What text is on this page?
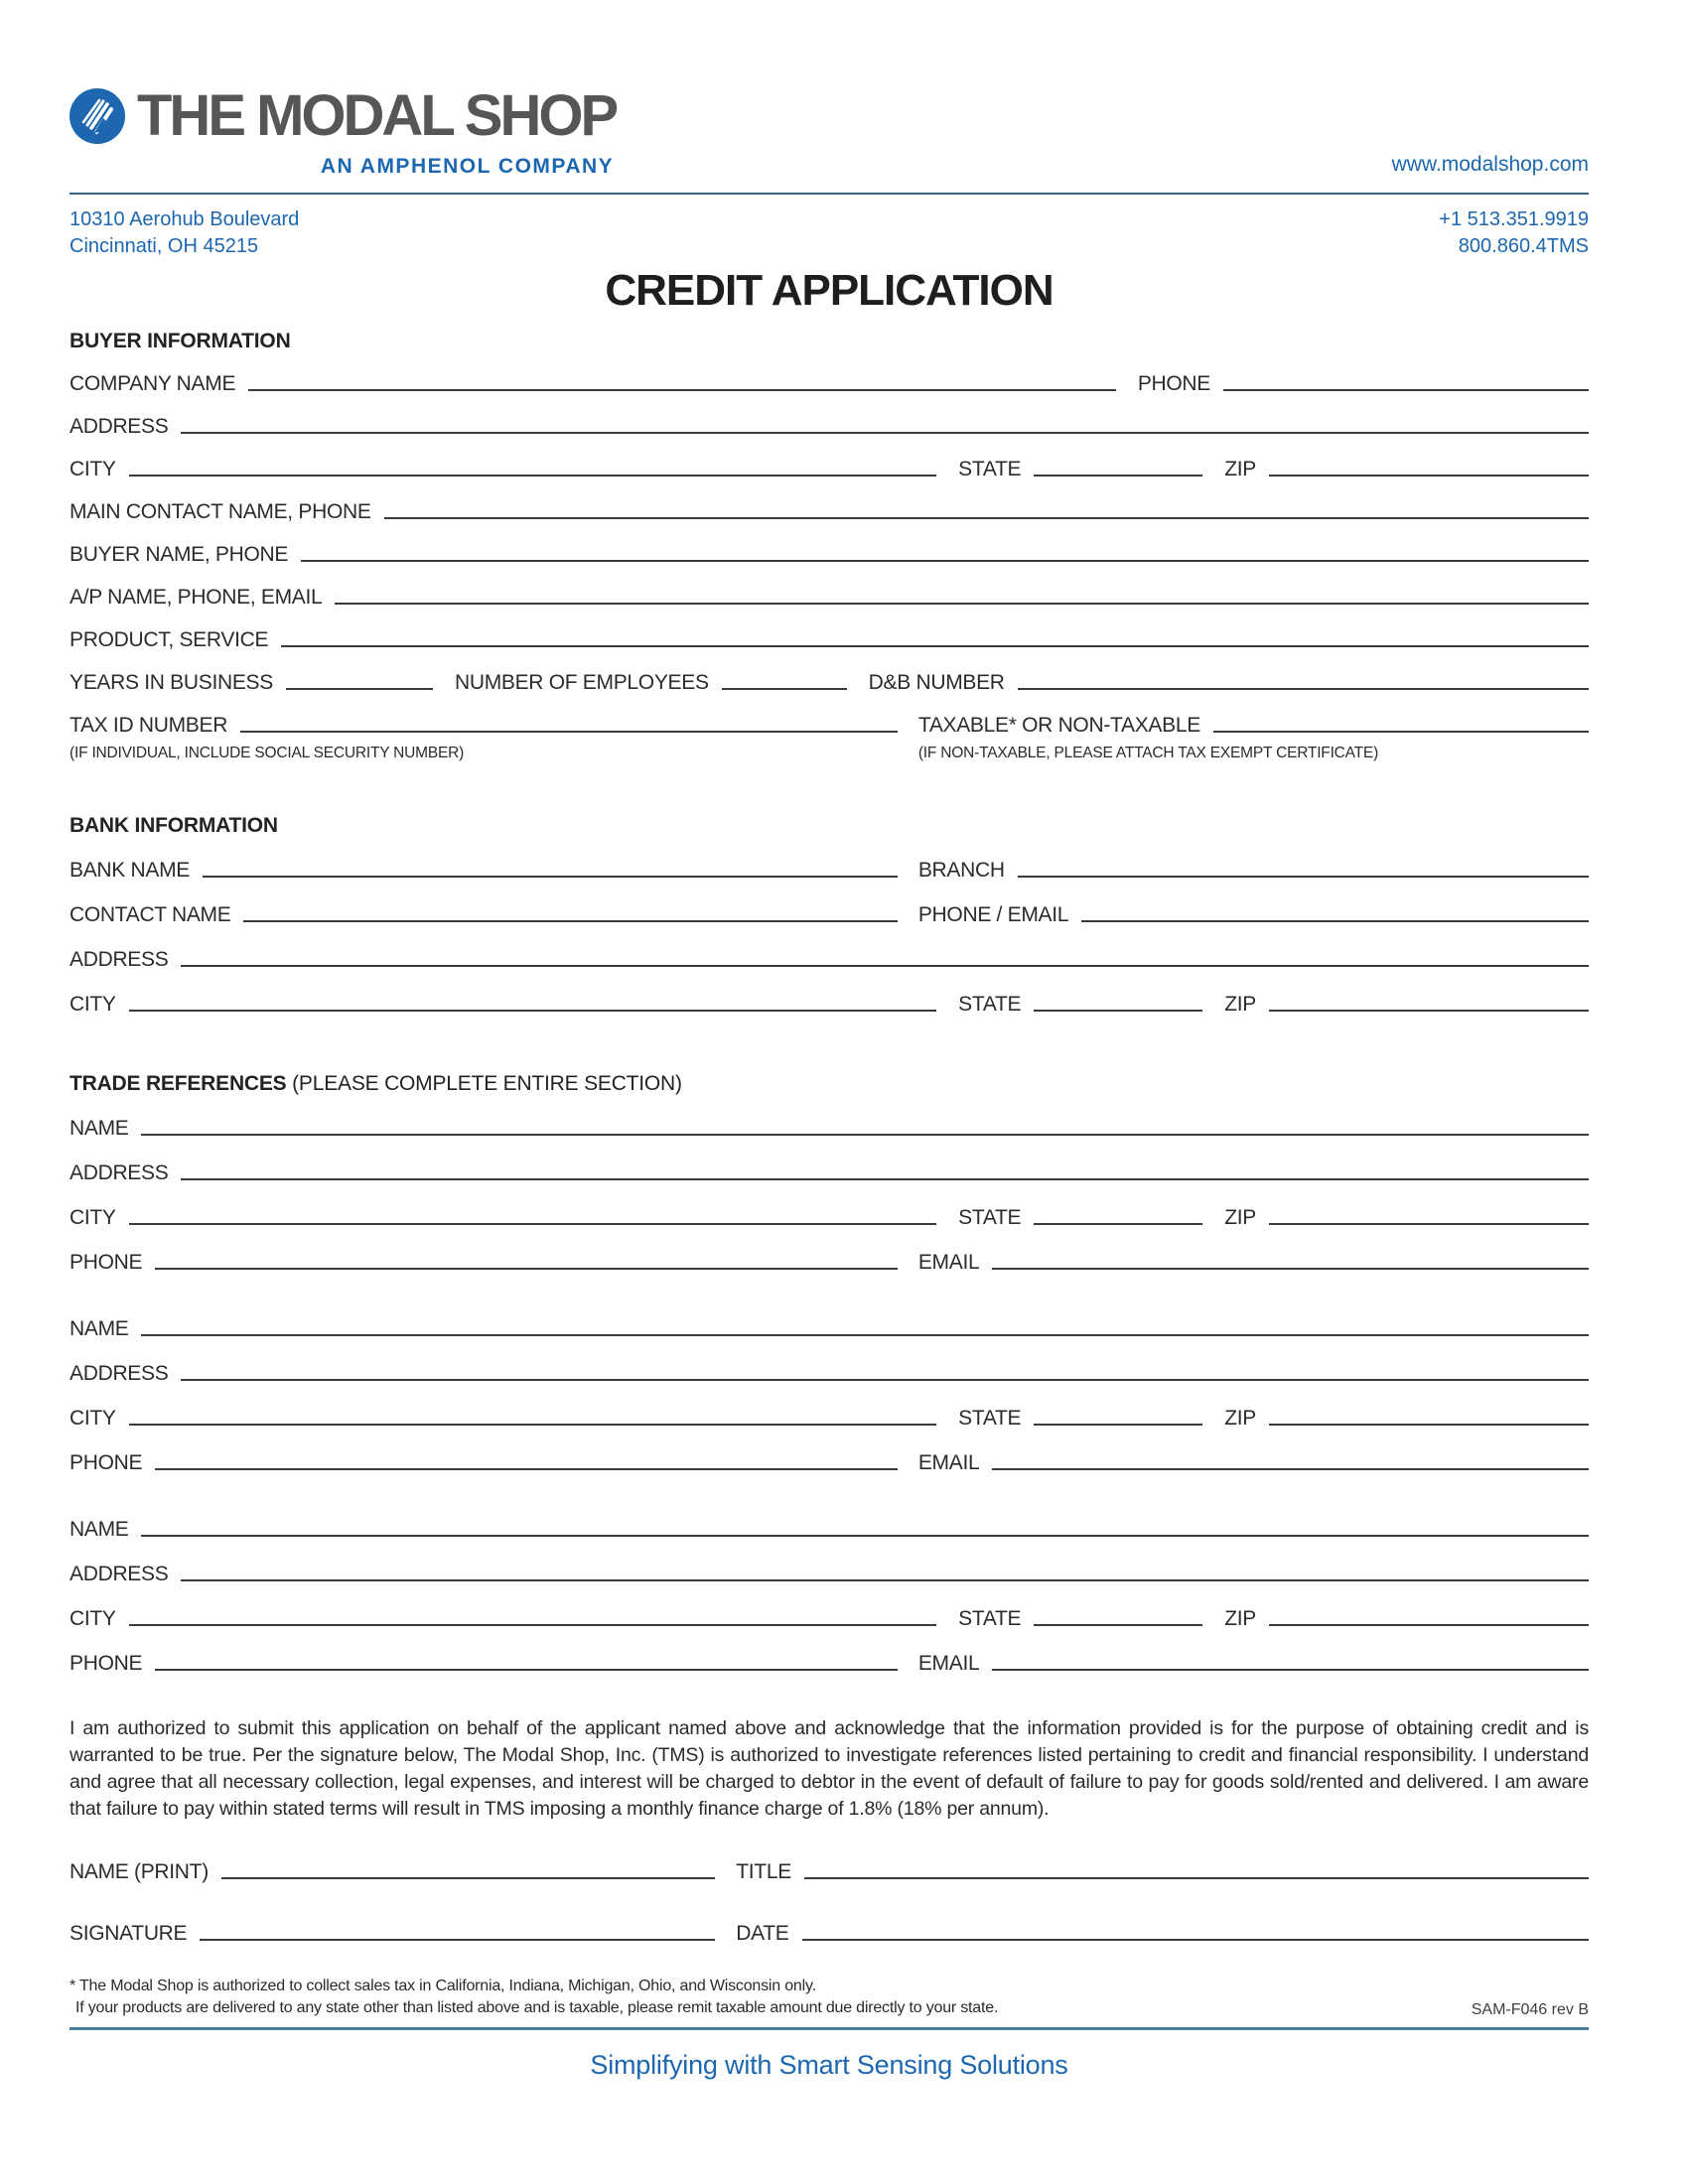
THE MODAL SHOP
AN AMPHENOL COMPANY	www.modalshop.com
10310 Aerohub Boulevard
Cincinnati, OH 45215
+1 513.351.9919
800.860.4TMS
CREDIT APPLICATION
BUYER INFORMATION
COMPANY NAME	PHONE
ADDRESS
CITY	STATE	ZIP
MAIN CONTACT NAME, PHONE
BUYER NAME, PHONE
A/P NAME, PHONE, EMAIL
PRODUCT, SERVICE
YEARS IN BUSINESS	NUMBER OF EMPLOYEES	D&B NUMBER
TAX ID NUMBER	TAXABLE* OR NON-TAXABLE
(IF INDIVIDUAL, INCLUDE SOCIAL SECURITY NUMBER)	(IF NON-TAXABLE, PLEASE ATTACH TAX EXEMPT CERTIFICATE)
BANK INFORMATION
BANK NAME	BRANCH
CONTACT NAME	PHONE / EMAIL
ADDRESS
CITY	STATE	ZIP
TRADE REFERENCES (PLEASE COMPLETE ENTIRE SECTION)
NAME
ADDRESS
CITY	STATE	ZIP
PHONE	EMAIL
NAME
ADDRESS
CITY	STATE	ZIP
PHONE	EMAIL
NAME
ADDRESS
CITY	STATE	ZIP
PHONE	EMAIL

I am authorized to submit this application on behalf of the applicant named above and acknowledge that the information provided is for the purpose of obtaining credit and is warranted to be true. Per the signature below, The Modal Shop, Inc. (TMS) is authorized to investigate references listed pertaining to credit and financial responsibility. I understand and agree that all necessary collection, legal expenses, and interest will be charged to debtor in the event of default of failure to pay for goods sold/rented and delivered. I am aware that failure to pay within stated terms will result in TMS imposing a monthly finance charge of 1.8% (18% per annum).

NAME (PRINT)	TITLE
SIGNATURE	DATE
* The Modal Shop is authorized to collect sales tax in California, Indiana, Michigan, Ohio, and Wisconsin only.
If your products are delivered to any state other than listed above and is taxable, please remit taxable amount due directly to your state.	SAM-F046 rev B
Simplifying with Smart Sensing Solutions
